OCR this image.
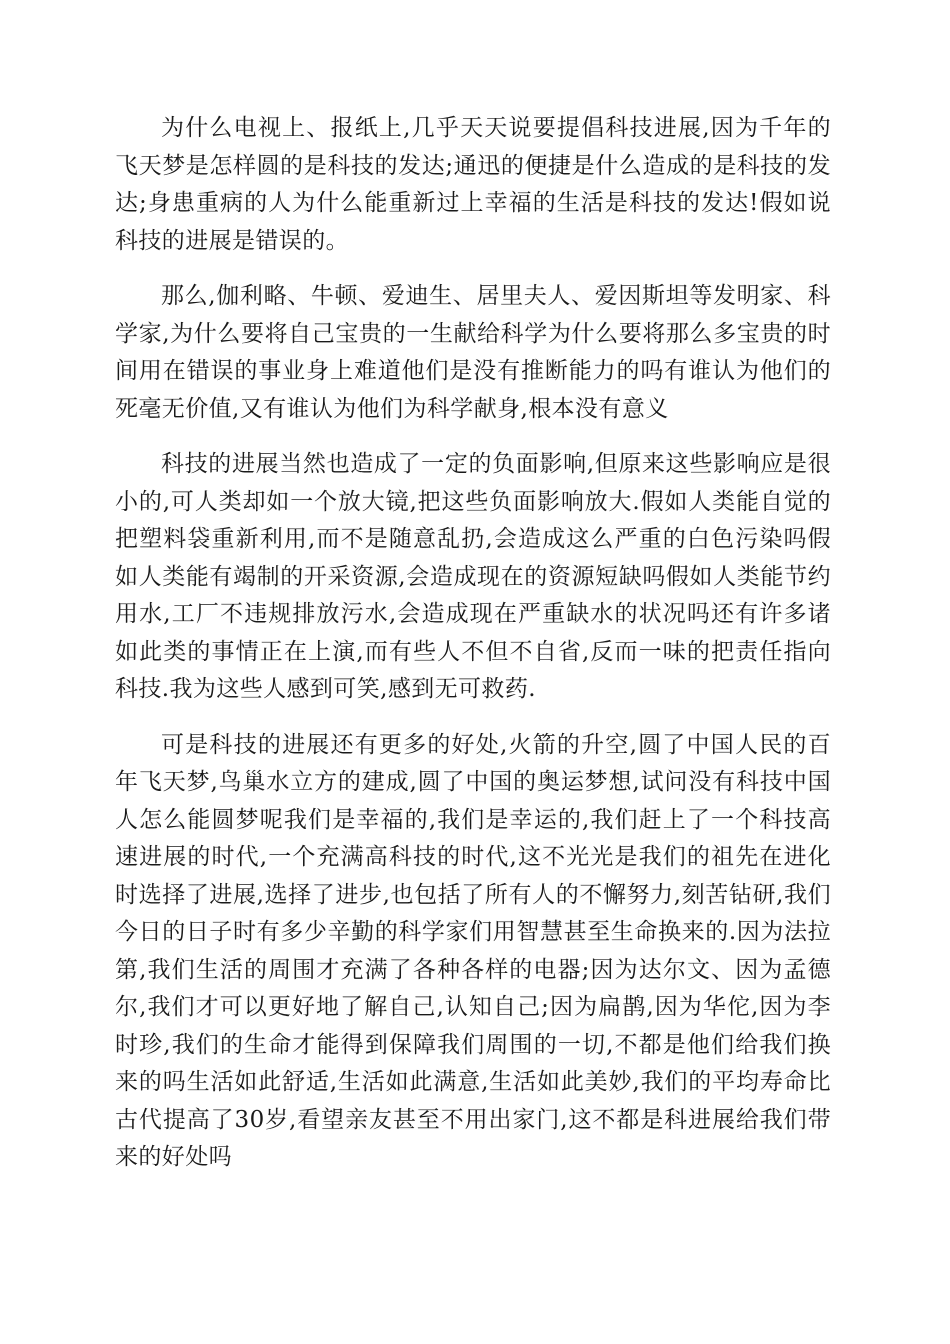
为什么电视上、报纸上,几乎天天说要提倡科技进展,因为千年的飞天梦是怎样圆的是科技的发达;通迅的便捷是什么造成的是科技的发达;身患重病的人为什么能重新过上幸福的生活是科技的发达!假如说科技的进展是错误的。

那么,伽利略、牛顿、爱迪生、居里夫人、爱因斯坦等发明家、科学家,为什么要将自己宝贵的一生献给科学为什么要将那么多宝贵的时间用在错误的事业身上难道他们是没有推断能力的吗有谁认为他们的死毫无价值,又有谁认为他们为科学献身,根本没有意义

科技的进展当然也造成了一定的负面影响,但原来这些影响应是很小的,可人类却如一个放大镜,把这些负面影响放大.假如人类能自觉的把塑料袋重新利用,而不是随意乱扔,会造成这么严重的白色污染吗假如人类能有竭制的开采资源,会造成现在的资源短缺吗假如人类能节约用水,工厂不违规排放污水,会造成现在严重缺水的状况吗还有许多诸如此类的事情正在上演,而有些人不但不自省,反而一味的把责任指向科技.我为这些人感到可笑,感到无可救药.

可是科技的进展还有更多的好处,火箭的升空,圆了中国人民的百年飞天梦,鸟巢水立方的建成,圆了中国的奥运梦想,试问没有科技中国人怎么能圆梦呢我们是幸福的,我们是幸运的,我们赶上了一个科技高速进展的时代,一个充满高科技的时代,这不光光是我们的祖先在进化时选择了进展,选择了进步,也包括了所有人的不懈努力,刻苦钻研,我们今日的日子时有多少辛勤的科学家们用智慧甚至生命换来的.因为法拉第,我们生活的周围才充满了各种各样的电器;因为达尔文、因为孟德尔,我们才可以更好地了解自己,认知自己;因为扁鹊,因为华佗,因为李时珍,我们的生命才能得到保障我们周围的一切,不都是他们给我们换来的吗生活如此舒适,生活如此满意,生活如此美妙,我们的平均寿命比古代提高了30岁,看望亲友甚至不用出家门,这不都是科进展给我们带来的好处吗
